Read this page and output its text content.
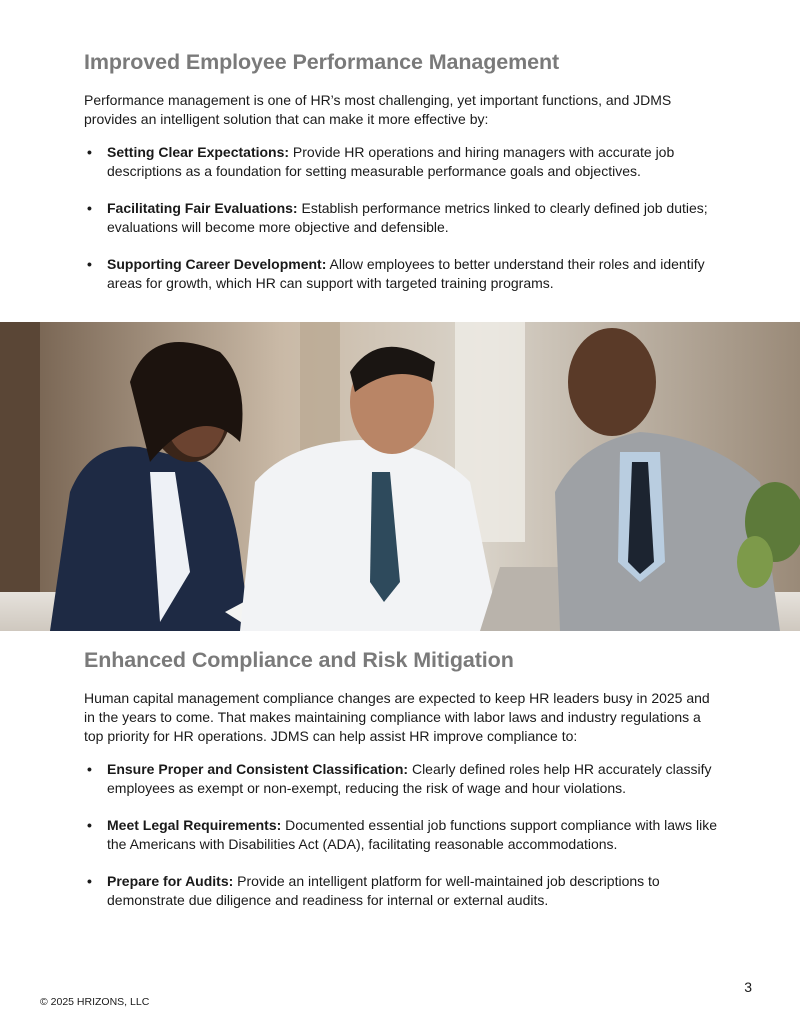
Improved Employee Performance Management

Performance management is one of HR’s most challenging, yet important functions, and JDMS provides an intelligent solution that can make it more effective by:

• Setting Clear Expectations: Provide HR operations and hiring managers with accurate job descriptions as a foundation for setting measurable performance goals and objectives.
• Facilitating Fair Evaluations: Establish performance metrics linked to clearly defined job duties; evaluations will become more objective and defensible.
• Supporting Career Development: Allow employees to better understand their roles and identify areas for growth, which HR can support with targeted training programs.
Enhanced Compliance and Risk Mitigation

Human capital management compliance changes are expected to keep HR leaders busy in 2025 and in the years to come. That makes maintaining compliance with labor laws and industry regulations a top priority for HR operations. JDMS can help assist HR improve compliance to:

• Ensure Proper and Consistent Classification: Clearly defined roles help HR accurately classify employees as exempt or non-exempt, reducing the risk of wage and hour violations.
• Meet Legal Requirements: Documented essential job functions support compliance with laws like the Americans with Disabilities Act (ADA), facilitating reasonable accommodations.
• Prepare for Audits: Provide an intelligent platform for well-maintained job descriptions to demonstrate due diligence and readiness for internal or external audits.
3
© 2025 HRIZONS, LLC
